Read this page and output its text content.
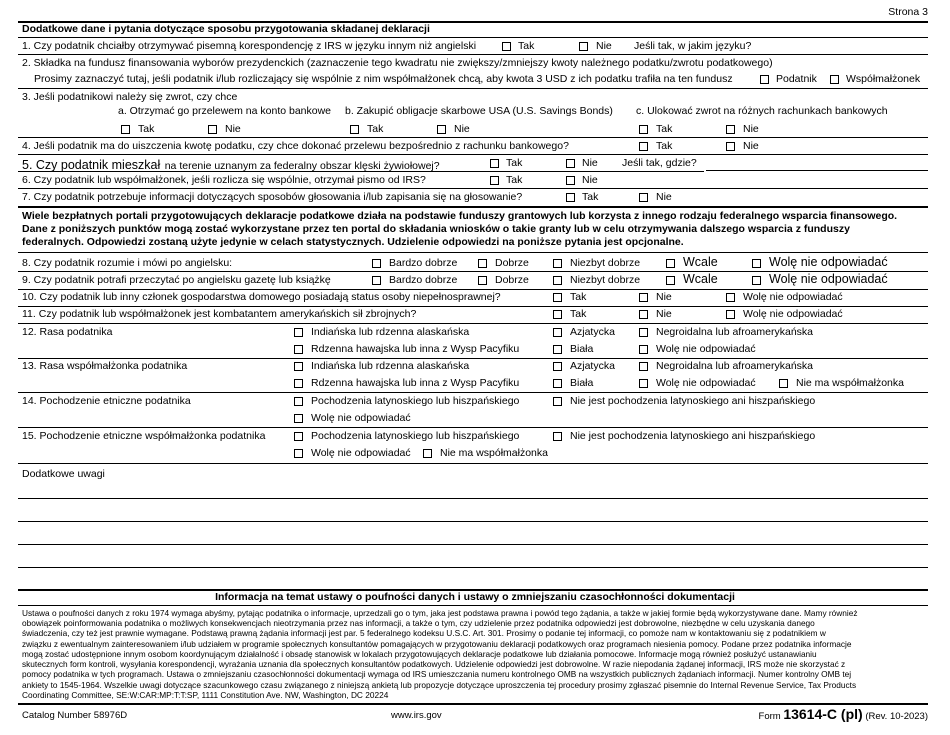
Strona 3
Dodatkowe dane i pytania dotyczące sposobu przygotowania składanej deklaracji
1. Czy podatnik chciałby otrzymywać pisemną korespondencję z IRS w języku innym niż angielski	Tak	Nie Jeśli tak, w jakim języku?
2. Składka na fundusz finansowania wyborów prezydenckich (zaznaczenie tego kwadratu nie zwiększy/zmniejszy kwoty należnego podatku/zwrotu podatkowego)
Prosimy zaznaczyć tutaj, jeśli podatnik i/lub rozliczający się wspólnie z nim współmałżonek chcą, aby kwota 3 USD z ich podatku trafiła na ten fundusz	Podatnik	Współmałżonek
3. Jeśli podatnikowi należy się zwrot, czy chce
a. Otrzymać go przelewem na konto bankowe b. Zakupić obligacje skarbowe USA (U.S. Savings Bonds) c. Ulokować zwrot na różnych rachunkach bankowych
Tak	Nie	Tak	Nie	Tak	Nie
4. Jeśli podatnik ma do uiszczenia kwotę podatku, czy chce dokonać przelewu bezpośrednio z rachunku bankowego?	Tak	Nie
5. Czy podatnik mieszkał na terenie uznanym za federalny obszar klęski żywiołowej?	Tak	Nie Jeśli tak, gdzie?
6. Czy podatnik lub współmałżonek, jeśli rozlicza się wspólnie, otrzymał pismo od IRS?	Tak	Nie
7. Czy podatnik potrzebuje informacji dotyczących sposobów głosowania i/lub zapisania się na głosowanie?	Tak	Nie
Wiele bezpłatnych portali przygotowujących deklaracje podatkowe działa na podstawie funduszy grantowych lub korzysta z innego rodzaju federalnego wsparcia finansowego.
Dane z poniższych punktów mogą zostać wykorzystane przez ten portal do składania wniosków o takie granty lub w celu otrzymywania dalszego wsparcia z funduszy
federalnych. Odpowiedzi zostaną użyte jedynie w celach statystycznych. Udzielenie odpowiedzi na poniższe pytania jest opcjonalne.
8. Czy podatnik rozumie i mówi po angielsku:	Bardzo dobrze	Dobrze	Niezbyt dobrze	Wcale	Wolę nie odpowiadać
9. Czy podatnik potrafi przeczytać po angielsku gazetę lub książkę	Bardzo dobrze	Dobrze	Niezbyt dobrze	Wcale	Wolę nie odpowiadać
10. Czy podatnik lub inny członek gospodarstwa domowego posiadają status osoby niepełnosprawnej?	Tak	Nie	Wolę nie odpowiadać
11. Czy podatnik lub współmałżonek jest kombatantem amerykańskich sił zbrojnych?	Tak	Nie	Wolę nie odpowiadać
12. Rasa podatnika	Indiańska lub rdzenna alaskańska	Azjatycka	Negroidalna lub afroamerykańska
Rdzenna hawajska lub inna z Wysp Pacyfiku	Biała	Wolę nie odpowiadać
13. Rasa współmałżonka podatnika	Indiańska lub rdzenna alaskańska	Azjatycka	Negroidalna lub afroamerykańska
Rdzenna hawajska lub inna z Wysp Pacyfiku	Biała	Wolę nie odpowiadać	Nie ma współmałżonka
14. Pochodzenie etniczne podatnika	Pochodzenia latynoskiego lub hiszpańskiego	Nie jest pochodzenia latynoskiego ani hiszpańskiego
Wolę nie odpowiadać
15. Pochodzenie etniczne współmałżonka podatnika	Pochodzenia latynoskiego lub hiszpańskiego	Nie jest pochodzenia latynoskiego ani hiszpańskiego
Wolę nie odpowiadać	Nie ma współmałżonka
Dodatkowe uwagi
Informacja na temat ustawy o poufności danych i ustawy o zmniejszaniu czasochłonności dokumentacji
Ustawa o poufności danych z roku 1974 wymaga abyśmy, pytając podatnika o informacje, uprzedzali go o tym, jaka jest podstawa prawna i powód tego żądania, a także w jakiej formie będą wykorzystywane dane. Mamy również
obowiązek poinformowania podatnika o możliwych konsekwencjach nieotrzymania przez nas informacji, a także o tym, czy udzielenie przez podatnika odpowiedzi jest dobrowolne, niezbędne w celu uzyskania danego
świadczenia, czy też jest prawnie wymagane. Podstawą prawną żądania informacji jest par. 5 federalnego kodeksu U.S.C. Art. 301. Prosimy o podanie tej informacji, co pomoże nam w kontaktowaniu się z podatnikiem w
związku z ewentualnym zainteresowaniem i/lub udziałem w programie społecznych konsultantów pomagających w przygotowaniu deklaracji podatkowych oraz programach niesienia pomocy. Podane przez podatnika informacje
mogą zostać udostępnione innym osobom koordynującym działalność i obsadę stanowisk w lokalach przygotowujących deklaracje podatkowe lub działania pomocowe. Informacje mogą również posłużyć ustanawianiu
skutecznych form kontroli, wysyłania korespondencji, wyrażania uznania dla społecznych konsultantów podatkowych. Udzielenie odpowiedzi jest dobrowolne. W razie niepodania żądanej informacji, IRS może nie skorzystać z
pomocy podatnika w tych programach. Ustawa o zmniejszaniu czasochłonności dokumentacji wymaga od IRS umieszczania numeru kontrolnego OMB na wszystkich publicznych żądaniach informacji. Numer kontrolny OMB tej
ankiety to 1545-1964. Wszelkie uwagi dotyczące szacunkowego czasu związanego z niniejszą ankietą lub propozycje dotyczące uproszczenia tej procedury prosimy zgłaszać pisemnie do Internal Revenue Service, Tax Products
Coordinating Committee, SE:W:CAR:MP:T:T:SP, 1111 Constitution Ave. NW, Washington, DC 20224
Catalog Number 58976D	www.irs.gov	Form 13614-C (pl) (Rev. 10-2023)
